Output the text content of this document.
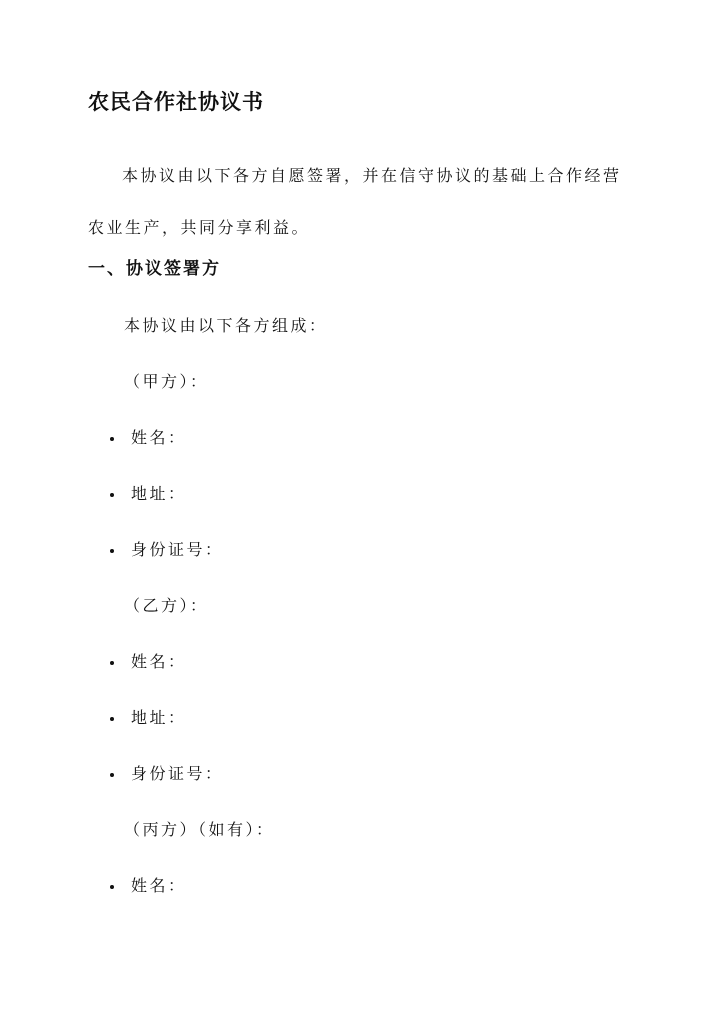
农民合作社协议书

本协议由以下各方自愿签署，并在信守协议的基础上合作经营农业生产，共同分享利益。

一、协议签署方
本协议由以下各方组成：
（甲方）：
姓名：
地址：
身份证号：
（乙方）：
姓名：
地址：
身份证号：
（丙方）（如有）：
姓名：
